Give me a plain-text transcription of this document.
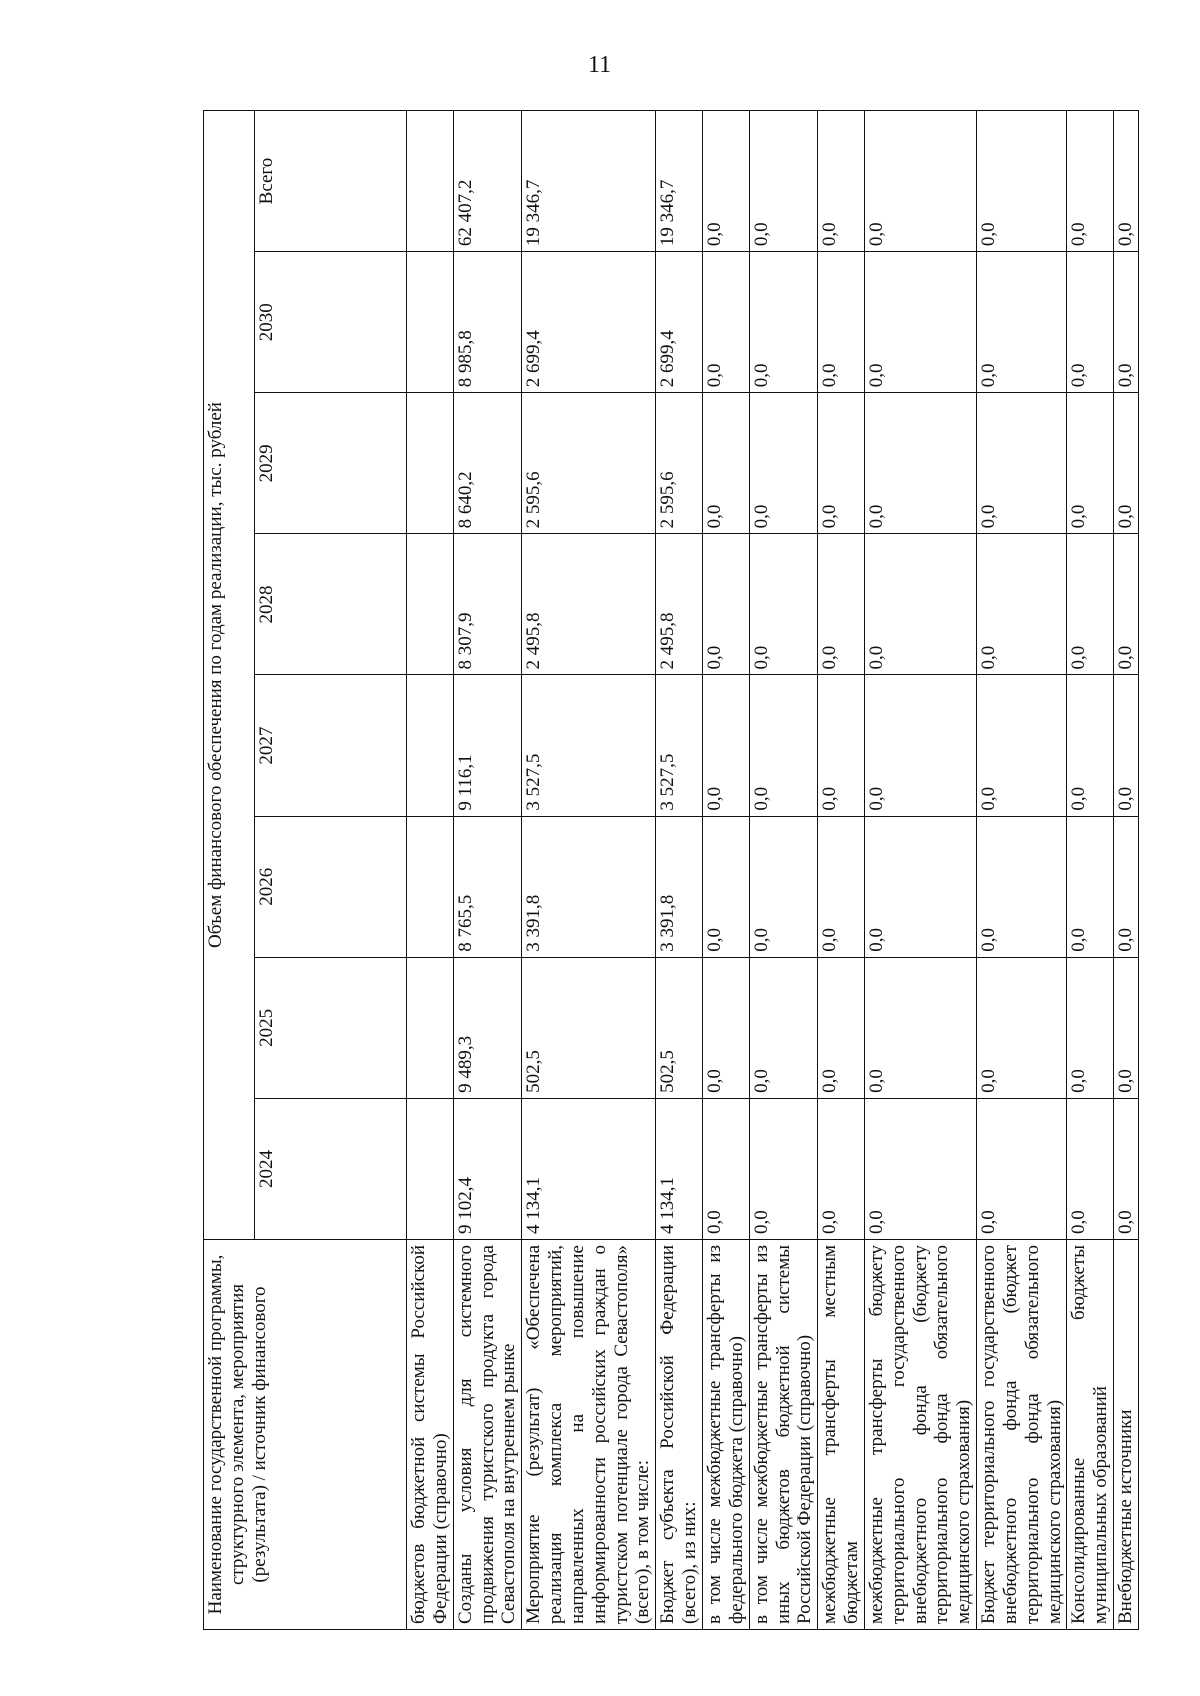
11
Наименование государственной программы, структурного элемента, мероприятия (результата) / источник финансового	Объем финансового обеспечения по годам реализации, тыс. рублей							
	2024	2025	2026	2027	2028	2029	2030	Всего
бюджетов бюджетной системы Российской Федерации (справочно)								
Созданы условия для системного продвижения туристского продукта города Севастополя на внутреннем рынке	9 102,4	9 489,3	8 765,5	9 116,1	8 307,9	8 640,2	8 985,8	62 407,2
Мероприятие (результат) «Обеспечена реализация комплекса мероприятий, направленных на повышение информированности российских граждан о туристском потенциале города Севастополя» (всего), в том числе:	4 134,1	502,5	3 391,8	3 527,5	2 495,8	2 595,6	2 699,4	19 346,7
Бюджет субъекта Российской Федерации (всего), из них:	4 134,1	502,5	3 391,8	3 527,5	2 495,8	2 595,6	2 699,4	19 346,7
в том числе межбюджетные трансферты из федерального бюджета (справочно)	0,0	0,0	0,0	0,0	0,0	0,0	0,0	0,0
в том числе межбюджетные трансферты из иных бюджетов бюджетной системы Российской Федерации (справочно)	0,0	0,0	0,0	0,0	0,0	0,0	0,0	0,0
межбюджетные трансферты местным бюджетам	0,0	0,0	0,0	0,0	0,0	0,0	0,0	0,0
межбюджетные трансферты бюджету территориального государственного внебюджетного фонда (бюджету территориального фонда обязательного медицинского страхования)	0,0	0,0	0,0	0,0	0,0	0,0	0,0	0,0
Бюджет территориального государственного внебюджетного фонда (бюджет территориального фонда обязательного медицинского страхования)	0,0	0,0	0,0	0,0	0,0	0,0	0,0	0,0
Консолидированные бюджеты муниципальных образований	0,0	0,0	0,0	0,0	0,0	0,0	0,0	0,0
Внебюджетные источники	0,0	0,0	0,0	0,0	0,0	0,0	0,0	0,0
